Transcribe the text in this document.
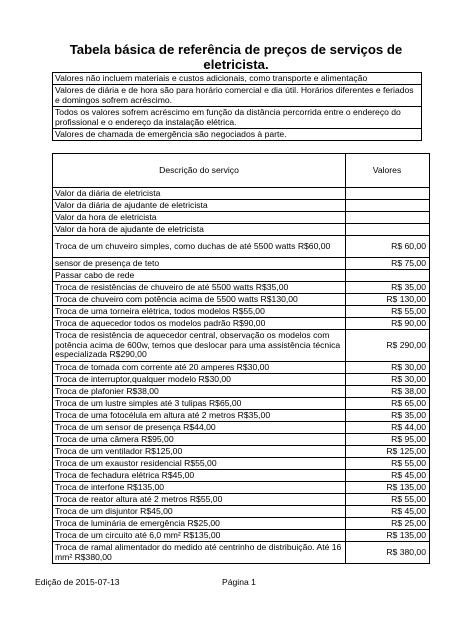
Tabela básica de referência de preços de serviços de eletricista.
Valores não incluem materiais e custos adicionais, como transporte e alimentação
Valores de diária e de hora são para horário comercial e dia útil. Horários diferentes e feriados e domingos sofrem acréscimo.
Todos os valores sofrem acréscimo em função da distância percorrida entre o endereço do profissional e o endereço da instalação elétrica.
Valores de chamada de emergência são negociados à parte.
Descrição do serviço	Valores
Valor da diária de eletricista	
Valor da diária de ajudante de eletricista	
Valor da hora de eletricista	
Valor da hora de ajudante de eletricista	
Troca de um chuveiro simples, como duchas de até 5500 watts R$60,00	R$ 60,00
sensor de presença de teto	R$ 75,00
Passar cabo de rede	
Troca de resistências de chuveiro de até 5500 watts R$35,00	R$ 35,00
Troca de chuveiro com potência acima de 5500 watts R$130,00	R$ 130,00
Troca de uma torneira elétrica, todos modelos R$55,00	R$ 55,00
Troca de aquecedor todos os modelos padrão R$90,00	R$ 90,00
Troca de resistência de aquecedor central, observação os modelos com potência acima de 600w, temos que deslocar para uma assistência técnica especializada R$290,00	R$ 290,00
Troca de tomada com corrente até 20 amperes R$30,00	R$ 30,00
Troca de interruptor,qualquer modelo R$30,00	R$ 30,00
Troca de plafonier R$38,00	R$ 38,00
Troca de um lustre simples até 3 tulipas R$65,00	R$ 65,00
Troca de uma fotocélula em altura até 2 metros R$35,00	R$ 35,00
Troca de um sensor de presença R$44,00	R$ 44,00
Troca de uma câmera R$95,00	R$ 95,00
Troca de um ventilador R$125,00	R$ 125,00
Troca de um exaustor residencial R$55,00	R$ 55,00
Troca de fechadura elétrica R$45,00	R$ 45,00
Troca de interfone R$135,00	R$ 135,00
Troca de reator altura até 2 metros R$55,00	R$ 55,00
Troca de um disjuntor R$45,00	R$ 45,00
Troca de luminária de emergência R$25,00	R$ 25,00
Troca de um circuito até 6,0 mm² R$135,00	R$ 135,00
Troca de ramal alimentador do medido até centrinho de distribuição. Até 16 mm² R$380,00	R$ 380,00
Edição de 2015-07-13	Página 1
